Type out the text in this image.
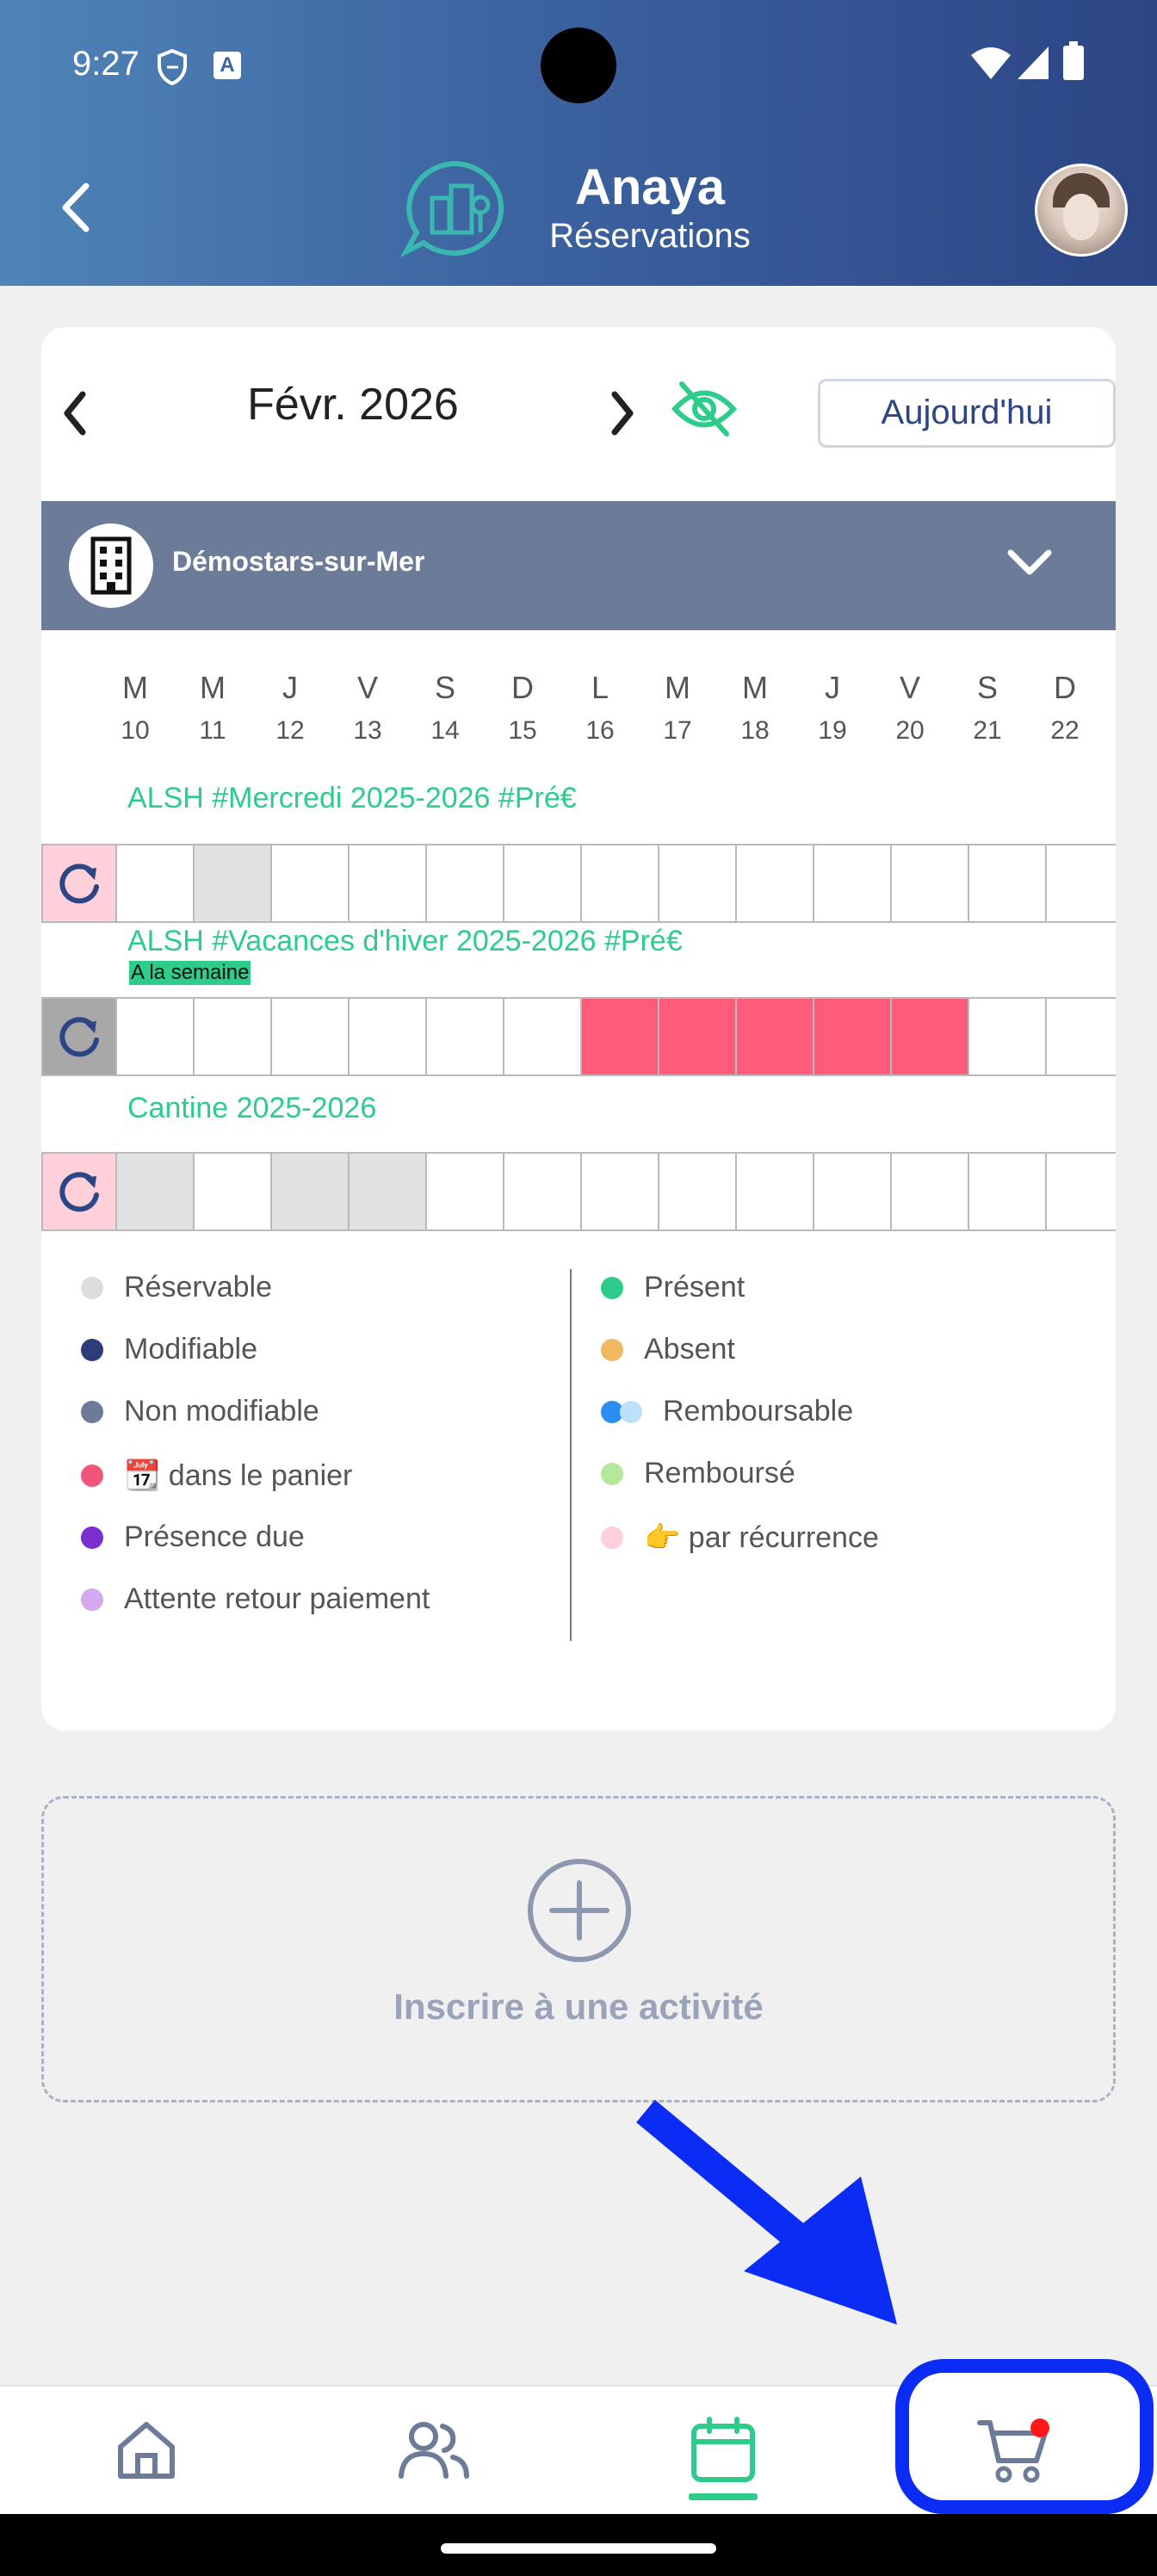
9:27	A
Anaya
Réservations
Févr. 2026	Aujourd'hui
Démostars-sur-Mer
M
10
M
11
J
12
V
13
S
14
D
15
L
16
M
17
M
18
J
19
V
20
S
21
D
22
ALSH #Mercredi 2025-2026 #Pré€
ALSH #Vacances d'hiver 2025-2026 #Pré€
A la semaine
Cantine 2025-2026
Réservable
Modifiable
Non modifiable
📆 dans le panier
Présence due
Attente retour paiement
Présent
Absent
Remboursable
Remboursé
👉 par récurrence
Inscrire à une activité
